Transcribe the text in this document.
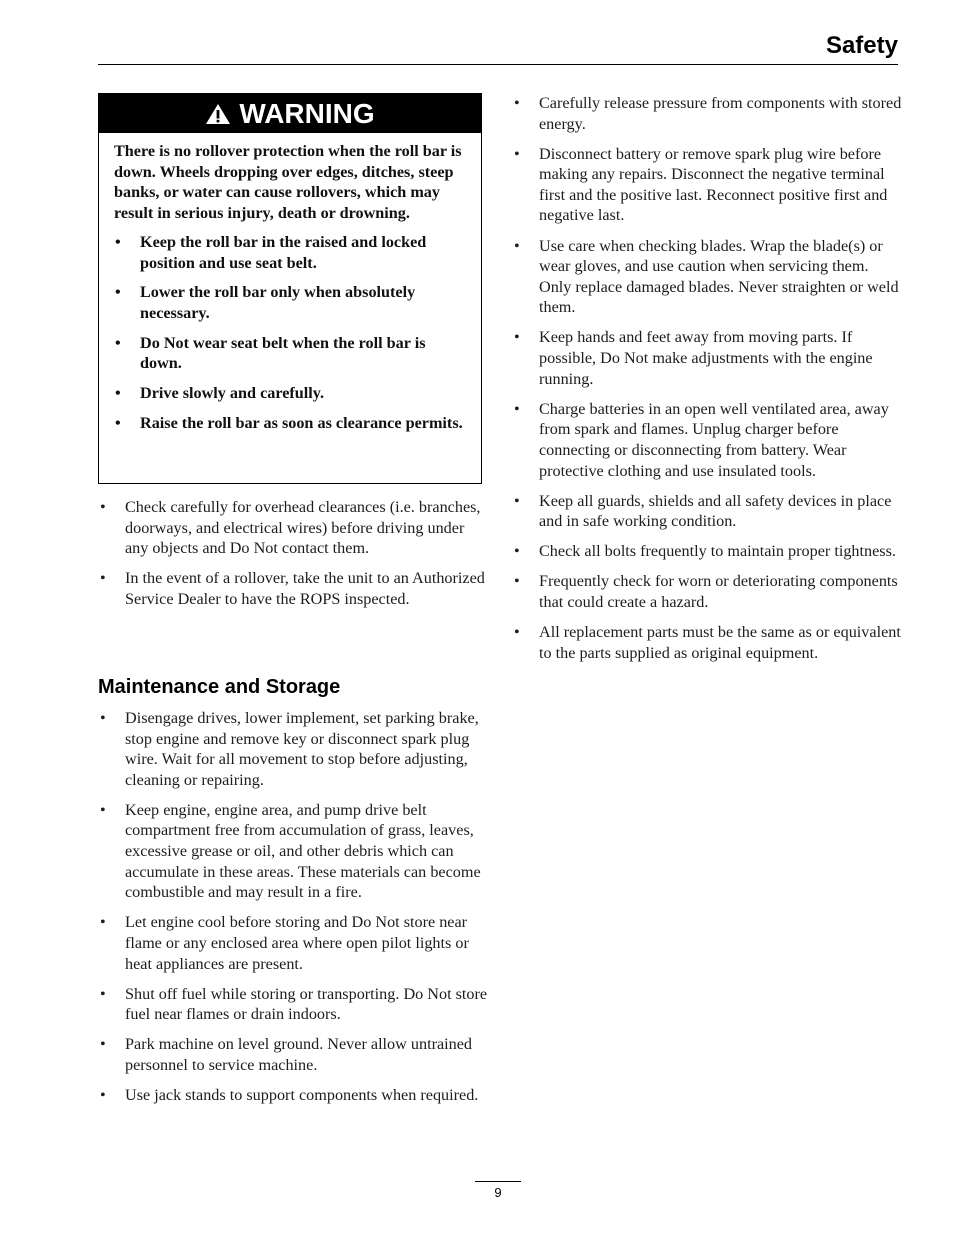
Safety
WARNING

There is no rollover protection when the roll bar is down. Wheels dropping over edges, ditches, steep banks, or water can cause rollovers, which may result in serious injury, death or drowning.

• Keep the roll bar in the raised and locked position and use seat belt.
• Lower the roll bar only when absolutely necessary.
• Do Not wear seat belt when the roll bar is down.
• Drive slowly and carefully.
• Raise the roll bar as soon as clearance permits.
• Check carefully for overhead clearances (i.e. branches, doorways, and electrical wires) before driving under any objects and Do Not contact them.
• In the event of a rollover, take the unit to an Authorized Service Dealer to have the ROPS inspected.
Maintenance and Storage
• Disengage drives, lower implement, set parking brake, stop engine and remove key or disconnect spark plug wire. Wait for all movement to stop before adjusting, cleaning or repairing.
• Keep engine, engine area, and pump drive belt compartment free from accumulation of grass, leaves, excessive grease or oil, and other debris which can accumulate in these areas. These materials can become combustible and may result in a fire.
• Let engine cool before storing and Do Not store near flame or any enclosed area where open pilot lights or heat appliances are present.
• Shut off fuel while storing or transporting. Do Not store fuel near flames or drain indoors.
• Park machine on level ground. Never allow untrained personnel to service machine.
• Use jack stands to support components when required.
• Carefully release pressure from components with stored energy.
• Disconnect battery or remove spark plug wire before making any repairs. Disconnect the negative terminal first and the positive last. Reconnect positive first and negative last.
• Use care when checking blades. Wrap the blade(s) or wear gloves, and use caution when servicing them. Only replace damaged blades. Never straighten or weld them.
• Keep hands and feet away from moving parts. If possible, Do Not make adjustments with the engine running.
• Charge batteries in an open well ventilated area, away from spark and flames. Unplug charger before connecting or disconnecting from battery. Wear protective clothing and use insulated tools.
• Keep all guards, shields and all safety devices in place and in safe working condition.
• Check all bolts frequently to maintain proper tightness.
• Frequently check for worn or deteriorating components that could create a hazard.
• All replacement parts must be the same as or equivalent to the parts supplied as original equipment.
9
